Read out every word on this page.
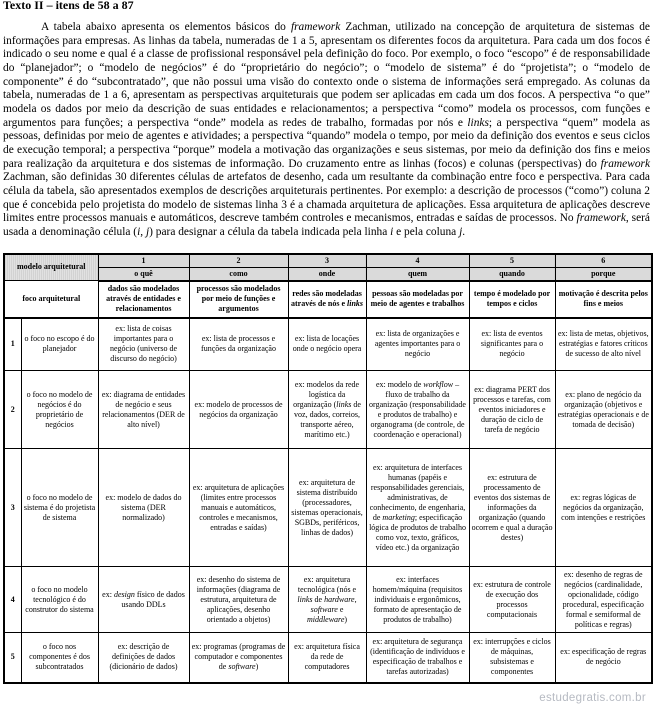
Texto II – itens de 58 a 87

A tabela abaixo apresenta os elementos básicos do framework Zachman, utilizado na concepção de arquitetura de sistemas de informações para empresas. As linhas da tabela, numeradas de 1 a 5, apresentam os diferentes focos da arquitetura. Para cada um dos focos é indicado o seu nome e qual é a classe de profissional responsável pela definição do foco. Por exemplo, o foco “escopo” é de responsabilidade do “planejador”; o “modelo de negócios” é do “proprietário do negócio”; o “modelo de sistema” é do “projetista”; o “modelo de componente” é do “subcontratado”, que não possui uma visão do contexto onde o sistema de informações será empregado. As colunas da tabela, numeradas de 1 a 6, apresentam as perspectivas arquiteturais que podem ser aplicadas em cada um dos focos. A perspectiva “o que” modela os dados por meio da descrição de suas entidades e relacionamentos; a perspectiva “como” modela os processos, com funções e argumentos para funções; a perspectiva “onde” modela as redes de trabalho, formadas por nós e links; a perspectiva “quem” modela as pessoas, definidas por meio de agentes e atividades; a perspectiva “quando” modela o tempo, por meio da definição dos eventos e seus ciclos de execução temporal; a perspectiva “porque” modela a motivação das organizações e seus sistemas, por meio da definição dos fins e meios para realização da arquitetura e dos sistemas de informação. Do cruzamento entre as linhas (focos) e colunas (perspectivas) do framework Zachman, são definidas 30 diferentes células de artefatos de desenho, cada um resultante da combinação entre foco e perspectiva. Para cada célula da tabela, são apresentados exemplos de descrições arquiteturais pertinentes. Por exemplo: a descrição de processos (“como”) coluna 2 que é concebida pelo projetista do modelo de sistemas linha 3 é a chamada arquitetura de aplicações. Essa arquitetura de aplicações descreve limites entre processos manuais e automáticos, descreve também controles e mecanismos, entradas e saídas de processos. No framework, será usada a denominação célula (i, j) para designar a célula da tabela indicada pela linha i e pela coluna j.

modelo arquitetural		1	2	3	4	5	6
		o quê	como	onde	quem	quando	porque
foco arquitetural		dados são modelados através de entidades e relacionamentos	processos são modelados por meio de funções e argumentos	redes são modeladas através de nós e links	pessoas são modeladas por meio de agentes e trabalhos	tempo é modelado por tempos e ciclos	motivação é descrita pelos fins e meios
1	o foco no escopo é do planejador	ex: lista de coisas importantes para o negócio (universo de discurso do negócio)	ex: lista de processos e funções da organização	ex: lista de locações onde o negócio opera	ex: lista de organizações e agentes importantes para o negócio	ex: lista de eventos significantes para o negócio	ex: lista de metas, objetivos, estratégias e fatores críticos de sucesso de alto nível
2	o foco no modelo de negócios é do proprietário de negócios	ex: diagrama de entidades de negócio e seus relacionamentos (DER de alto nível)	ex: modelo de processos de negócios da organização	ex: modelos da rede logística da organização (links de voz, dados, correios, transporte aéreo, marítimo etc.)	ex: modelo de workflow – fluxo de trabalho da organização (responsabilidade e produtos de trabalho) e organograma (de controle, de coordenação e operacional)	ex: diagrama PERT dos processos e tarefas, com eventos iniciadores e duração de ciclo de tarefa de negócio	ex: plano de negócio da organização (objetivos e estratégias operacionais e de tomada de decisão)
3	o foco no modelo de sistema é do projetista de sistema	ex: modelo de dados do sistema (DER normalizado)	ex: arquitetura de aplicações (limites entre processos manuais e automáticos, controles e mecanismos, entradas e saídas)	ex: arquitetura de sistema distribuído (processadores, sistemas operacionais, SGBDs, periféricos, linhas de dados)	ex: arquitetura de interfaces humanas (papéis e responsabilidades gerenciais, administrativas, de conhecimento, de engenharia, de marketing; especificação lógica de produtos de trabalho como voz, texto, gráficos, vídeo etc.) da organização	ex: estrutura de processamento de eventos dos sistemas de informações da organização (quando ocorrem e qual a duração destes)	ex: regras lógicas de negócios da organização, com intenções e restrições
4	o foco no modelo tecnológico é do construtor do sistema	ex: design físico de dados usando DDLs	ex: desenho do sistema de informações (diagrama de estrutura, arquitetura de aplicações, desenho orientado a objetos)	ex: arquitetura tecnológica (nós e links de hardware, software e middleware)	ex: interfaces homem/máquina (requisitos individuais e ergonômicos, formato de apresentação de produtos de trabalho)	ex: estrutura de controle de execução dos processos computacionais	ex: desenho de regras de negócios (cardinalidade, opcionalidade, código procedural, especificação formal e semiformal de políticas e regras)
5	o foco nos componentes é dos subcontratados	ex: descrição de definições de dados (dicionário de dados)	ex: programas (programas de computador e componentes de software)	ex: arquitetura física da rede de computadores	ex: arquitetura de segurança (identificação de indivíduos e especificação de trabalhos e tarefas autorizadas)	ex: interrupções e ciclos de máquinas, subsistemas e componentes	ex: especificação de regras de negócio
estudegratis.com.br
